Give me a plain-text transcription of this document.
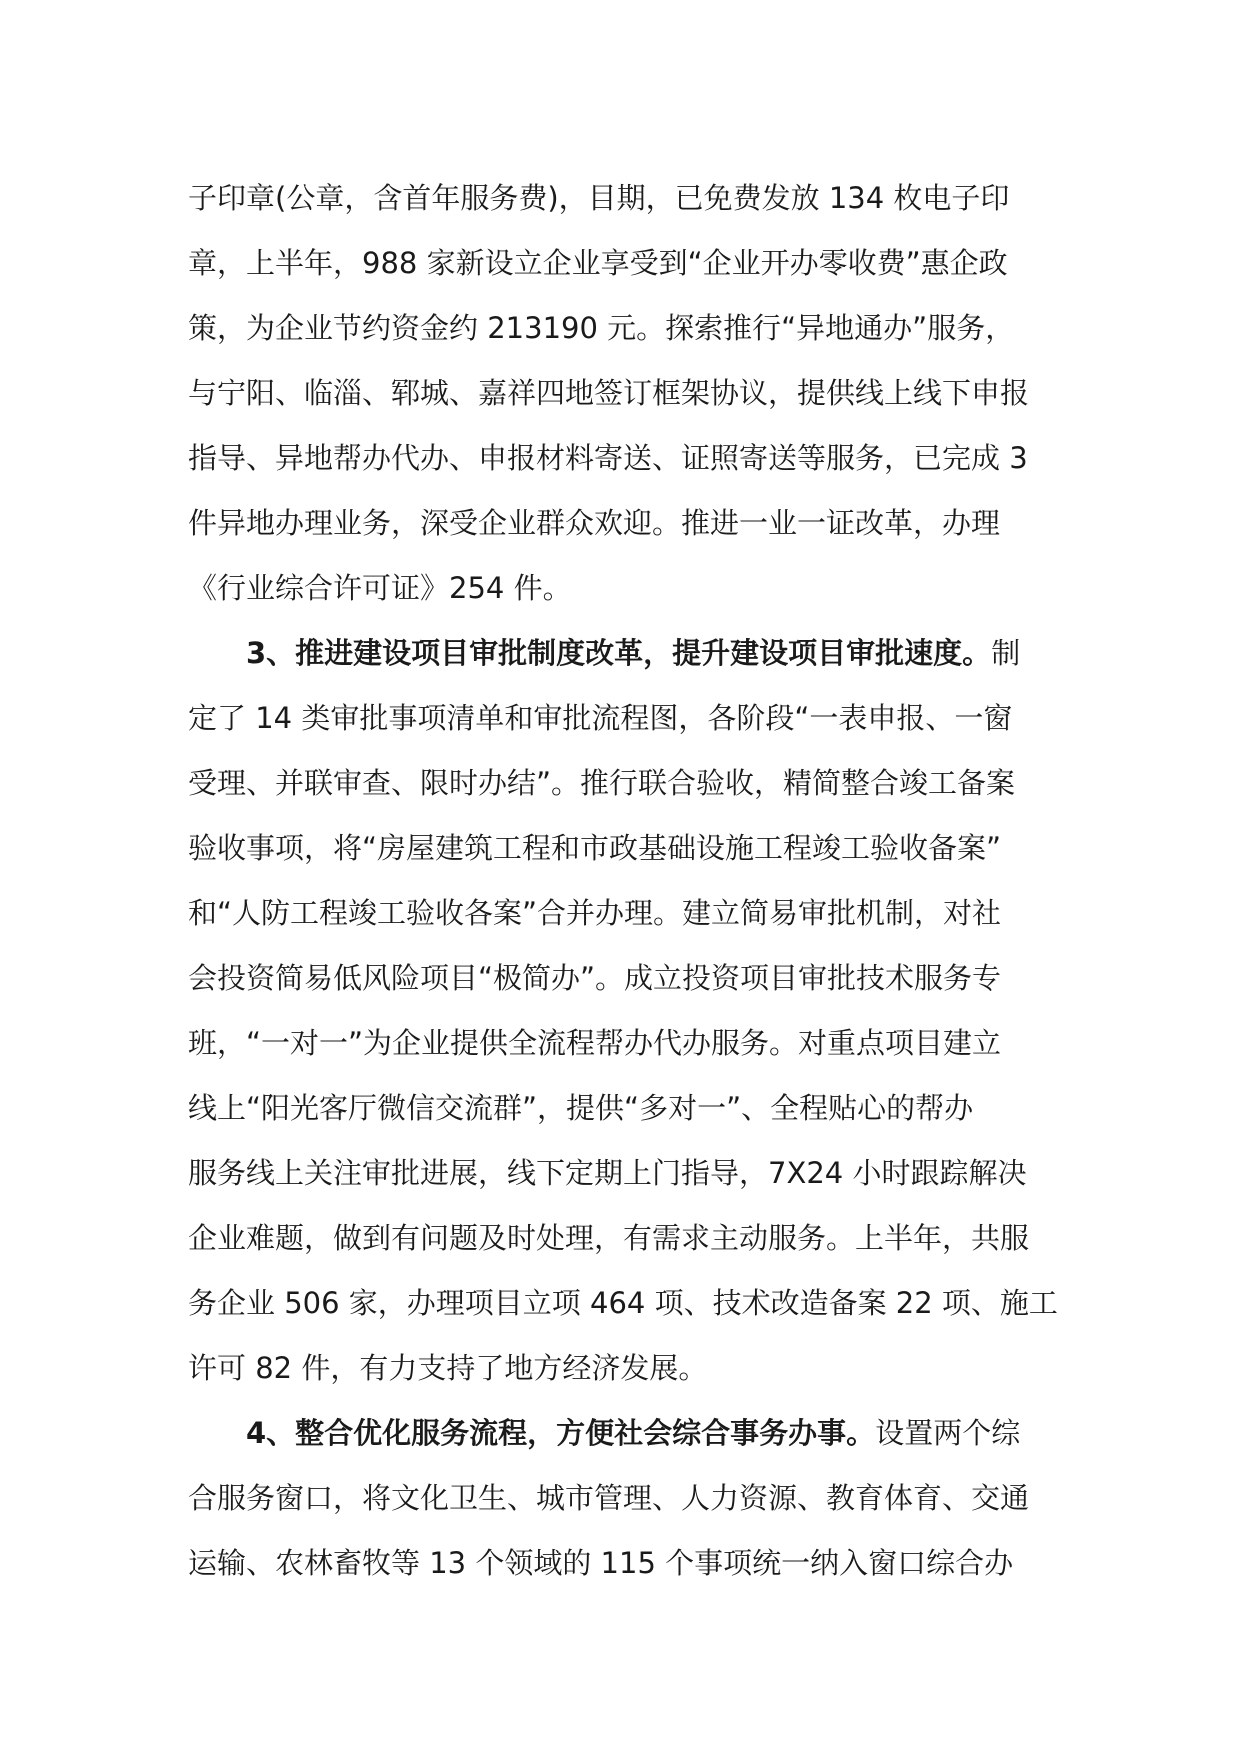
子印章(公章，含首年服务费)，目期，已免费发放 134 枚电子印
章，上半年，988 家新设立企业享受到“企业开办零收费”惠企政
策，为企业节约资金约 213190 元。探索推行“异地通办”服务，
与宁阳、临淄、郓城、嘉祥四地签订框架协议，提供线上线下申报
指导、异地帮办代办、申报材料寄送、证照寄送等服务，已完成 3
件异地办理业务，深受企业群众欢迎。推进一业一证改革，办理
《行业综合许可证》254 件。
3、推进建设项目审批制度改革，提升建设项目审批速度。制
定了 14 类审批事项清单和审批流程图，各阶段“一表申报、一窗
受理、并联审查、限时办结”。推行联合验收，精简整合竣工备案
验收事项，将“房屋建筑工程和市政基础设施工程竣工验收备案”
和“人防工程竣工验收各案”合并办理。建立简易审批机制，对社
会投资简易低风险项目“极简办”。成立投资项目审批技术服务专
班，“一对一”为企业提供全流程帮办代办服务。对重点项目建立
线上“阳光客厅微信交流群”，提供“多对一”、全程贴心的帮办
服务线上关注审批进展，线下定期上门指导，7X24 小时跟踪解决
企业难题，做到有问题及时处理，有需求主动服务。上半年，共服
务企业 506 家，办理项目立项 464 项、技术改造备案 22 项、施工
许可 82 件，有力支持了地方经济发展。
4、整合优化服务流程，方便社会综合事务办事。设置两个综
合服务窗口，将文化卫生、城市管理、人力资源、教育体育、交通
运输、农林畜牧等 13 个领域的 115 个事项统一纳入窗口综合办
